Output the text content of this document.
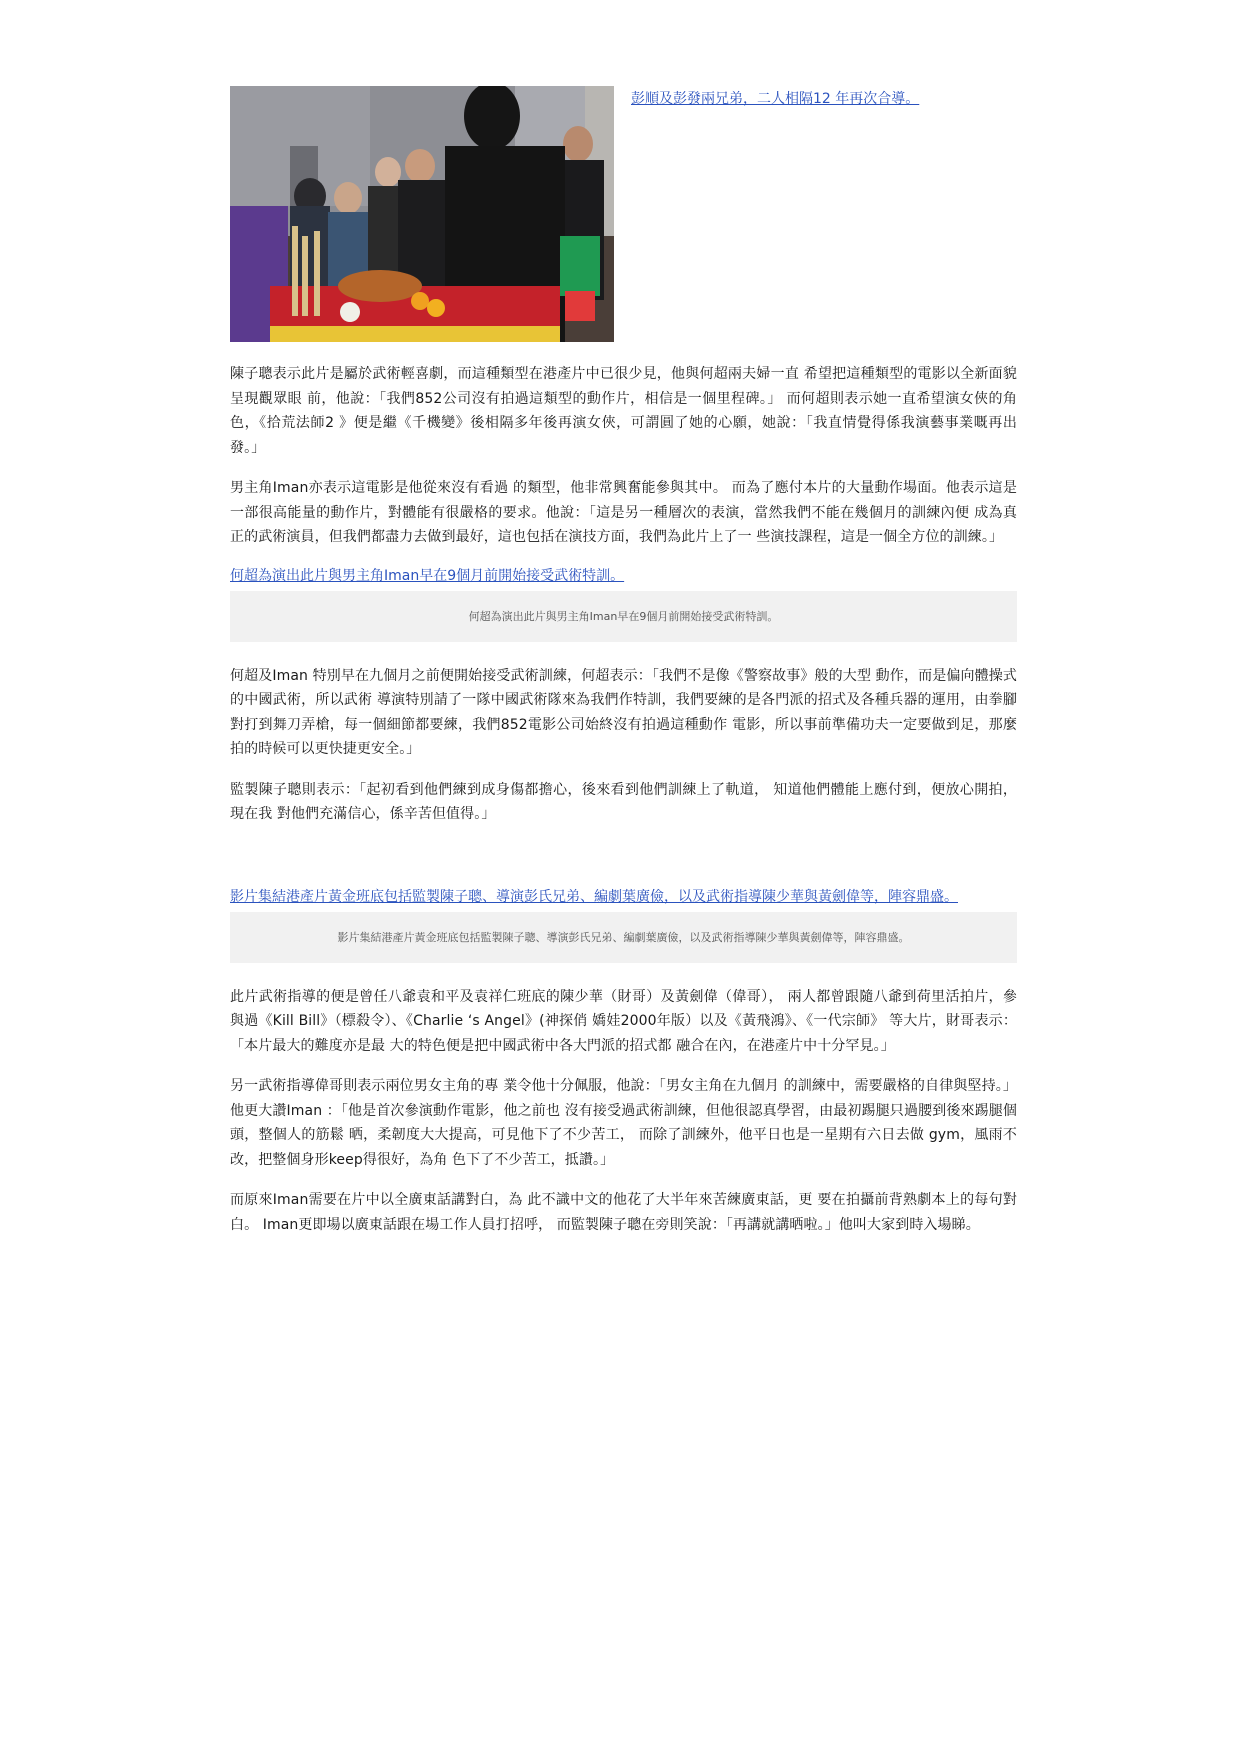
彭順及彭發兩兄弟，二人相隔12 年再次合導。

陳子聰表示此片是屬於武術輕喜劇，而這種類型在港產片中已很少見，他與何超兩夫婦一直 希望把這種類型的電影以全新面貌呈現觀眾眼 前，他說：「我們852公司沒有拍過這類型的動作片，相信是一個里程碑。」 而何超則表示她一直希望演女俠的角色，《拾荒法師2 》便是繼《千機變》後相隔多年後再演女俠，可謂圓了她的心願，她說：「我直情覺得係我演藝事業嘅再出發。」

男主角Iman亦表示這電影是他從來沒有看過 的類型，他非常興奮能參與其中。 而為了應付本片的大量動作場面。他表示這是一部很高能量的動作片，對體能有很嚴格的要求。他說：「這是另一種層次的表演，當然我們不能在幾個月的訓練內便 成為真正的武術演員，但我們都盡力去做到最好，這也包括在演技方面，我們為此片上了一 些演技課程，這是一個全方位的訓練。」

何超為演出此片與男主角Iman早在9個月前開始接受武術特訓。
何超為演出此片與男主角Iman早在9個月前開始接受武術特訓。

何超及Iman 特別早在九個月之前便開始接受武術訓練，何超表示：「我們不是像《警察故事》般的大型 動作，而是偏向體操式的中國武術，所以武術 導演特別請了一隊中國武術隊來為我們作特訓，我們要練的是各門派的招式及各種兵器的運用，由拳腳對打到舞刀弄槍，每一個細節都要練，我們852電影公司始終沒有拍過這種動作 電影，所以事前準備功夫一定要做到足，那麼 拍的時候可以更快捷更安全。」

監製陳子聰則表示：「起初看到他們練到成身傷都擔心，後來看到他們訓練上了軌道， 知道他們體能上應付到，便放心開拍，現在我 對他們充滿信心，係辛苦但值得。」

影片集結港產片黃金班底包括監製陳子聰、導演彭氏兄弟、編劇葉廣儉，以及武術指導陳少華與黃劍偉等，陣容鼎盛。
影片集結港產片黃金班底包括監製陳子聰、導演彭氏兄弟、編劇葉廣儉，以及武術指導陳少華與黃劍偉等，陣容鼎盛。

此片武術指導的便是曾任八爺袁和平及袁祥仁班底的陳少華（財哥）及黃劍偉（偉哥）， 兩人都曾跟隨八爺到荷里活拍片，參與過《Kill Bill》（標殺令）、《Charlie ‘s Angel》(神探俏 嬌娃2000年版）以及《黃飛鴻》、《一代宗師》 等大片，財哥表示：「本片最大的難度亦是最 大的特色便是把中國武術中各大門派的招式都 融合在內，在港產片中十分罕見。」

另一武術指導偉哥則表示兩位男女主角的專 業令他十分佩服，他說：「男女主角在九個月 的訓練中，需要嚴格的自律與堅持。」他更大讚Iman ：「他是首次參演動作電影，他之前也 沒有接受過武術訓練，但他很認真學習，由最初踢腿只過腰到後來踢腿個頭，整個人的筋鬆 晒，柔韌度大大提高，可見他下了不少苦工， 而除了訓練外，他平日也是一星期有六日去做 gym，風雨不改，把整個身形keep得很好，為角 色下了不少苦工，抵讚。」

而原來Iman需要在片中以全廣東話講對白，為 此不識中文的他花了大半年來苦練廣東話，更 要在拍攝前背熟劇本上的每句對白。 Iman更即場以廣東話跟在場工作人員打招呼， 而監製陳子聰在旁則笑說：「再講就講晒啦。」他叫大家到時入場睇。
